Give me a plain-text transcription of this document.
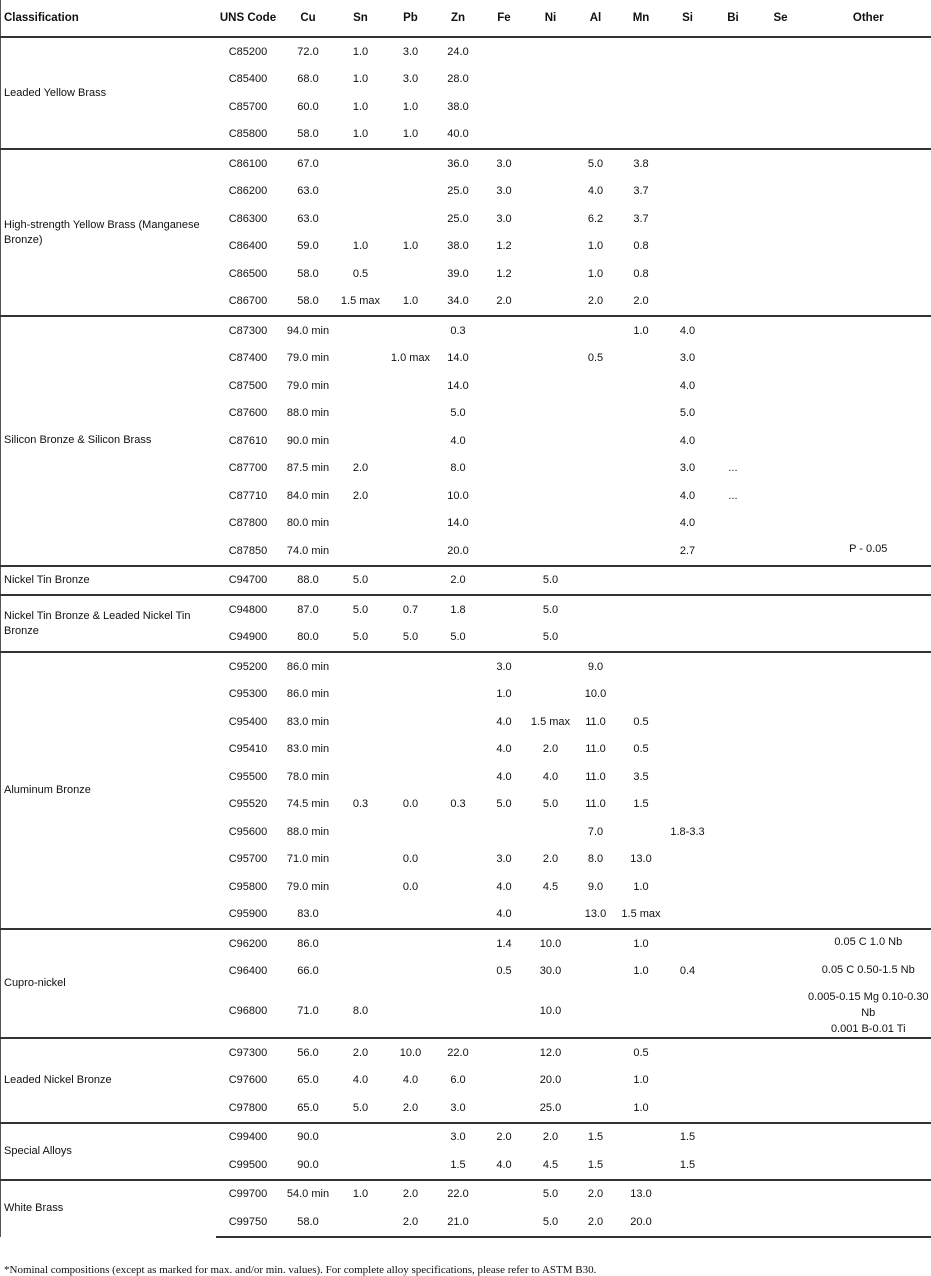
Classification	UNS Code	Cu	Sn	Pb	Zn	Fe	Ni	Al	Mn	Si	Bi	Se	Other
Leaded Yellow Brass	C85200	72.0	1.0	3.0	24.0								
	C85400	68.0	1.0	3.0	28.0								
	C85700	60.0	1.0	1.0	38.0								
	C85800	58.0	1.0	1.0	40.0								
High-strength Yellow Brass (Manganese Bronze)	C86100	67.0			36.0	3.0		5.0	3.8				
	C86200	63.0			25.0	3.0		4.0	3.7				
	C86300	63.0			25.0	3.0		6.2	3.7				
	C86400	59.0	1.0	1.0	38.0	1.2		1.0	0.8				
	C86500	58.0	0.5		39.0	1.2		1.0	0.8				
	C86700	58.0	1.5 max	1.0	34.0	2.0		2.0	2.0				
Silicon Bronze & Silicon Brass	C87300	94.0 min			0.3				1.0	4.0			
	C87400	79.0 min		1.0 max	14.0			0.5		3.0			
	C87500	79.0 min			14.0					4.0			
	C87600	88.0 min			5.0					5.0			
	C87610	90.0 min			4.0					4.0			
	C87700	87.5 min	2.0		8.0					3.0	...		
	C87710	84.0 min	2.0		10.0					4.0	...		
	C87800	80.0 min			14.0					4.0			
	C87850	74.0 min			20.0					2.7			P - 0.05
Nickel Tin Bronze	C94700	88.0	5.0		2.0		5.0						
Nickel Tin Bronze & Leaded Nickel Tin Bronze	C94800	87.0	5.0	0.7	1.8		5.0						
	C94900	80.0	5.0	5.0	5.0		5.0						
Aluminum Bronze	C95200	86.0 min				3.0		9.0					
	C95300	86.0 min				1.0		10.0					
	C95400	83.0 min				4.0	1.5 max	11.0	0.5				
	C95410	83.0 min				4.0	2.0	11.0	0.5				
	C95500	78.0 min				4.0	4.0	11.0	3.5				
	C95520	74.5 min	0.3	0.0	0.3	5.0	5.0	11.0	1.5				
	C95600	88.0 min						7.0		1.8-3.3			
	C95700	71.0 min		0.0		3.0	2.0	8.0	13.0				
	C95800	79.0 min		0.0		4.0	4.5	9.0	1.0				
	C95900	83.0				4.0		13.0	1.5 max				
Cupro-nickel	C96200	86.0				1.4	10.0		1.0				0.05 C 1.0 Nb
	C96400	66.0				0.5	30.0		1.0	0.4			0.05 C 0.50-1.5 Nb
	C96800	71.0	8.0				10.0						0.005-0.15 Mg 0.10-0.30 Nb
0.001 B-0.01 Ti
Leaded Nickel Bronze	C97300	56.0	2.0	10.0	22.0		12.0		0.5				
	C97600	65.0	4.0	4.0	6.0		20.0		1.0				
	C97800	65.0	5.0	2.0	3.0		25.0		1.0				
Special Alloys	C99400	90.0			3.0	2.0	2.0	1.5		1.5			
	C99500	90.0			1.5	4.0	4.5	1.5		1.5			
White Brass	C99700	54.0 min	1.0	2.0	22.0		5.0	2.0	13.0				
	C99750	58.0		2.0	21.0		5.0	2.0	20.0				
*Nominal compositions (except as marked for max. and/or min. values). For complete alloy specifications, please refer to ASTM B30.
